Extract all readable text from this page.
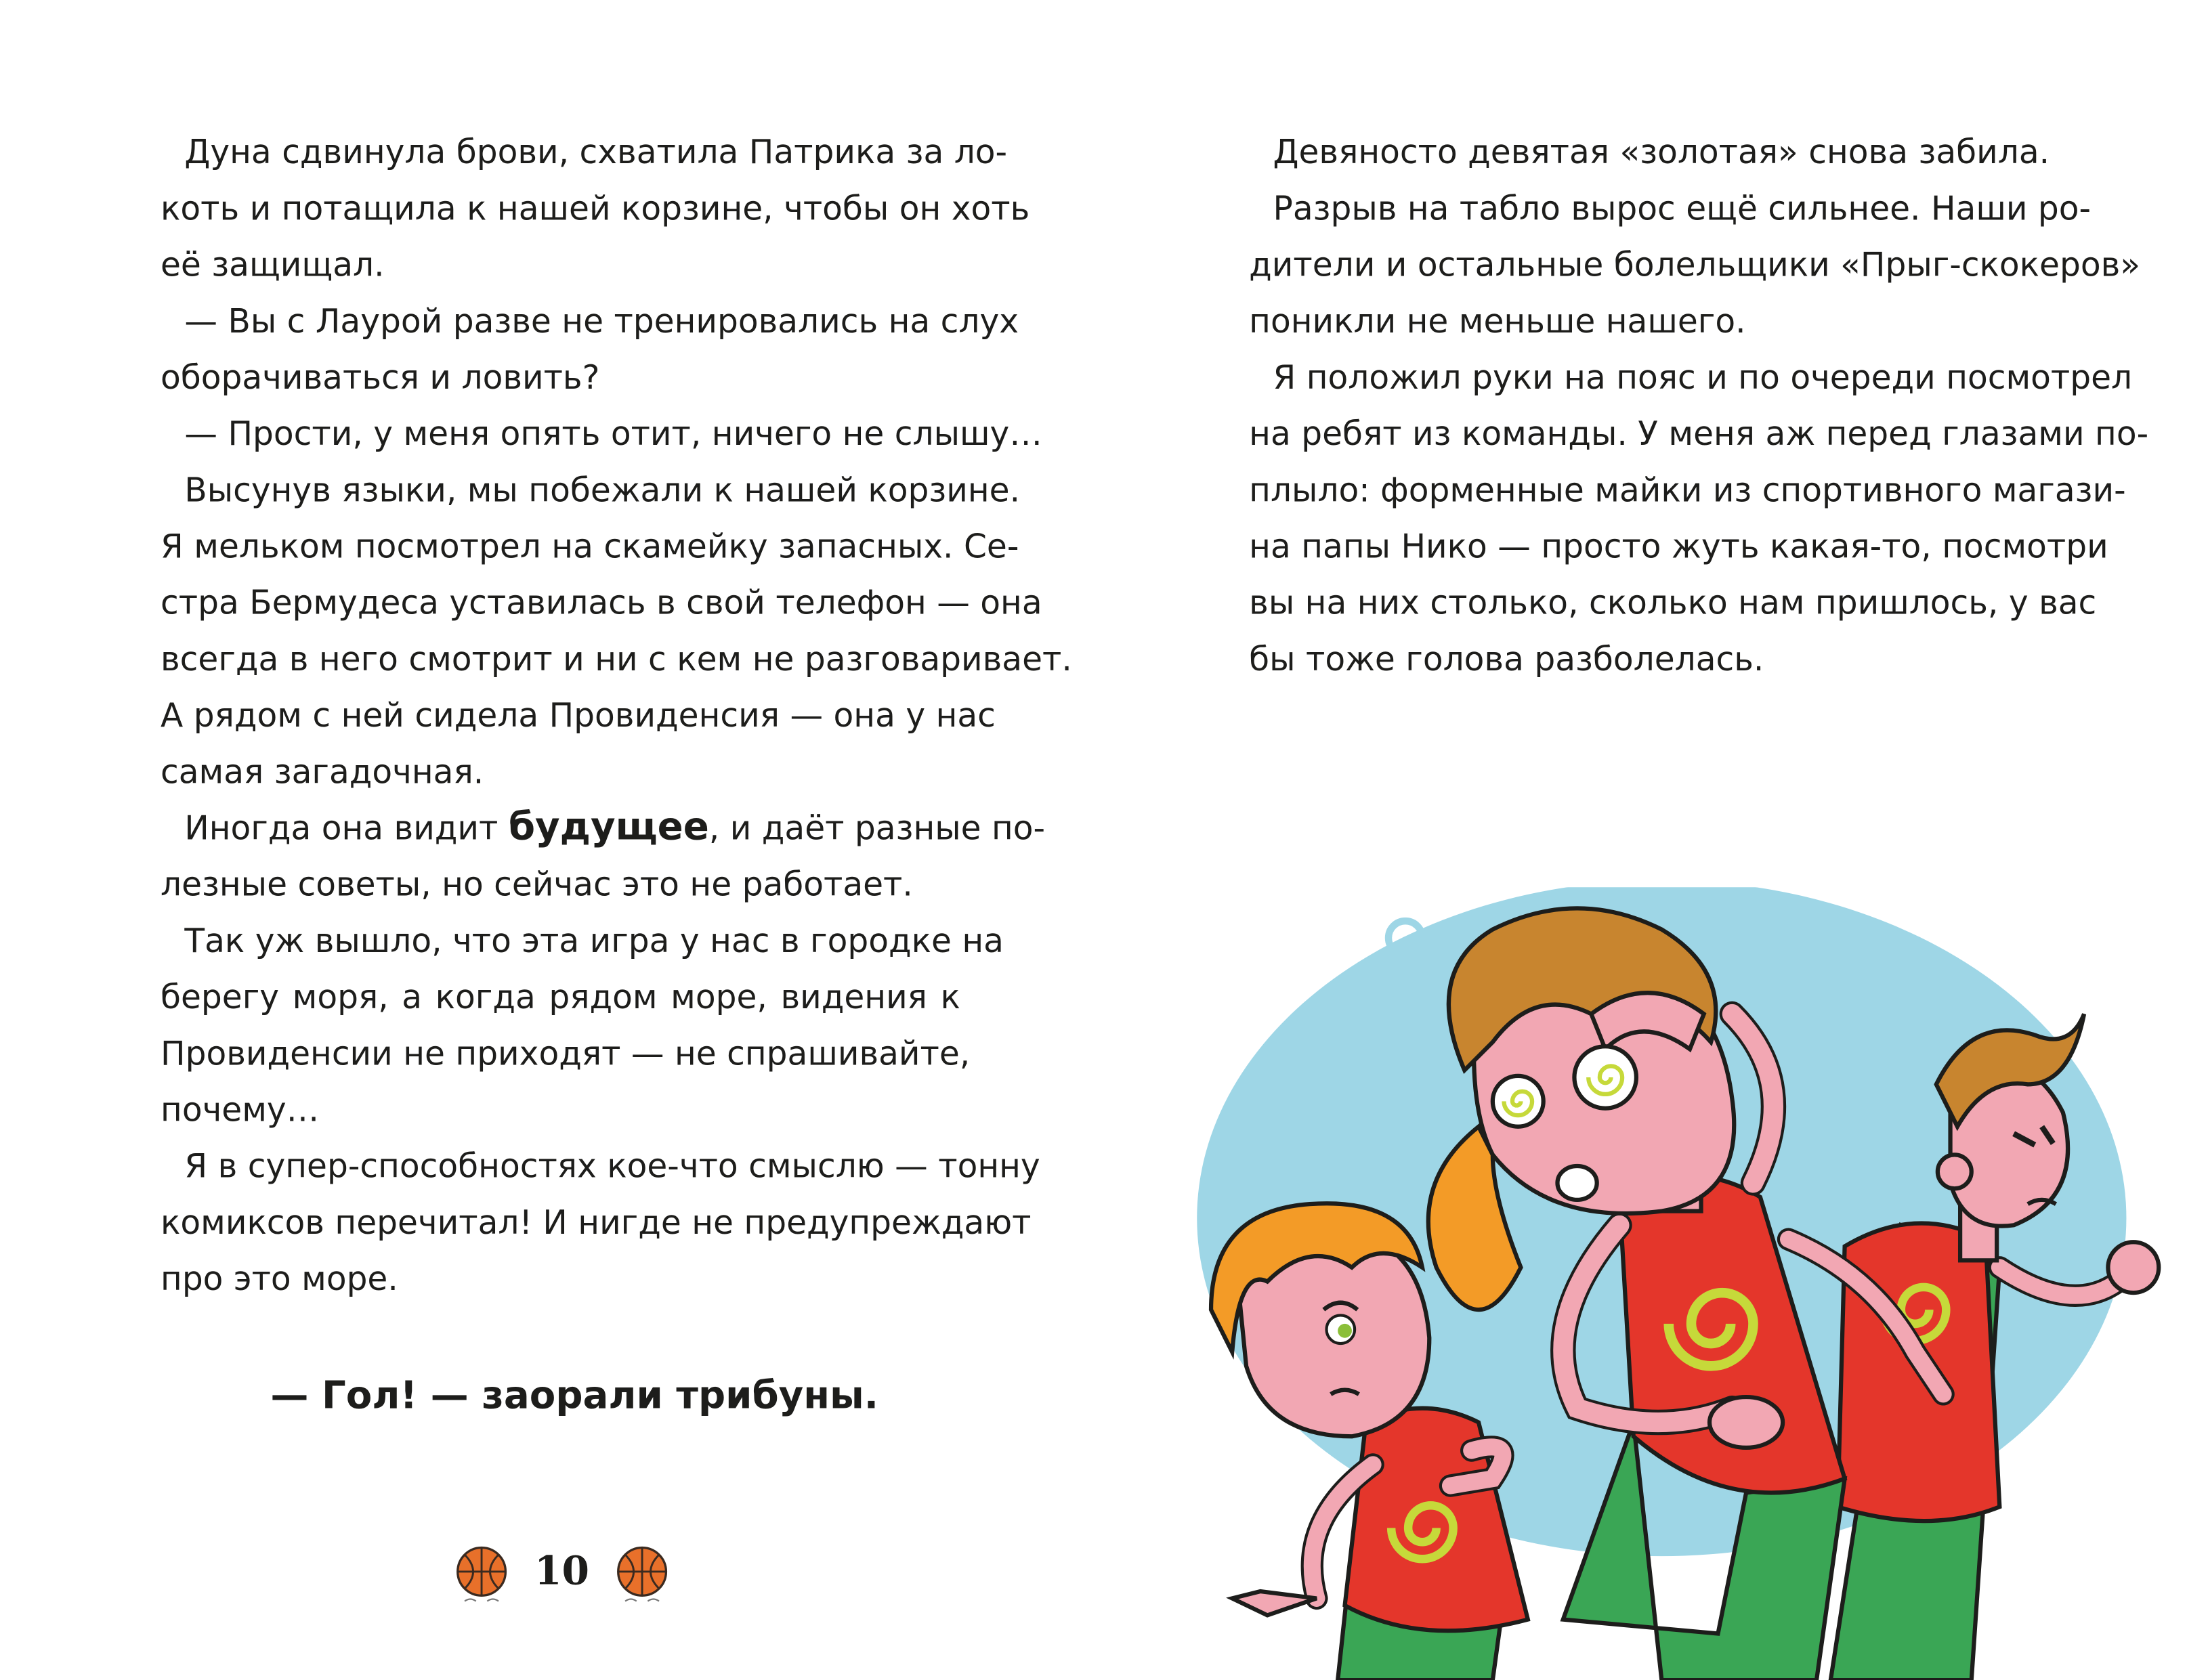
Дуна сдвинула брови, схватила Патрика за ло-

коть и потащила к нашей корзине, чтобы он хоть

её защищал.

— Вы с Лаурой разве не тренировались на слух

оборачиваться и ловить?

— Прости, у меня опять отит, ничего не слышу…

Высунув языки, мы побежали к нашей корзине.

Я мельком посмотрел на скамейку запасных. Се-

стра Бермудеса уставилась в свой телефон — она

всегда в него смотрит и ни с кем не разговаривает.

А рядом с ней сидела Провиденсия — она у нас

самая загадочная.

Иногда она видит будущее, и даёт разные по-

лезные советы, но сейчас это не работает.

Так уж вышло, что эта игра у нас в городке на

берегу моря, а когда рядом море, видения к

Провиденсии не приходят — не спрашивайте,

почему…

Я в супер-способностях кое-что смыслю — тонну

комиксов перечитал! И нигде не предупреждают

про это море.

— Гол! — заорали трибуны.
10

Девяносто девятая «золотая» снова забила.

Разрыв на табло вырос ещё сильнее. Наши ро-

дители и остальные болельщики «Прыг-скокеров»

поникли не меньше нашего.

Я положил руки на пояс и по очереди посмотрел

на ребят из команды. У меня аж перед глазами по-

плыло: форменные майки из спортивного магази-

на папы Нико — просто жуть какая-то, посмотри

вы на них столько, сколько нам пришлось, у вас

бы тоже голова разболелась.
